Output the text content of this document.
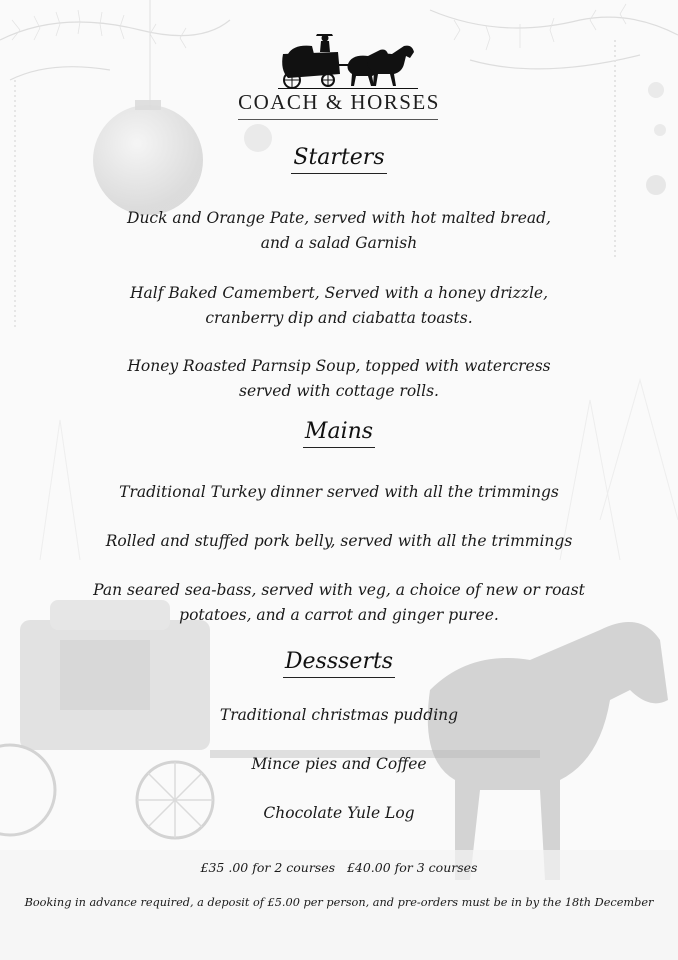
COACH & HORSES
Starters
Duck and Orange Pate, served with hot malted bread,
and a salad Garnish
Half Baked Camembert, Served with a honey drizzle,
cranberry dip and ciabatta toasts.
Honey Roasted Parnsip Soup, topped with watercress
served with cottage rolls.
Mains
Traditional Turkey dinner served with all the trimmings
Rolled and stuffed pork belly, served with all the trimmings
Pan seared sea-bass, served with veg, a choice of new or roast
potatoes, and a carrot and ginger puree.
Dessserts
Traditional christmas pudding
Mince pies and Coffee
Chocolate Yule Log
£35 .00 for 2 courses   £40.00 for 3 courses
Booking in advance required, a deposit of £5.00 per person, and pre-orders must be in by the 18th December
